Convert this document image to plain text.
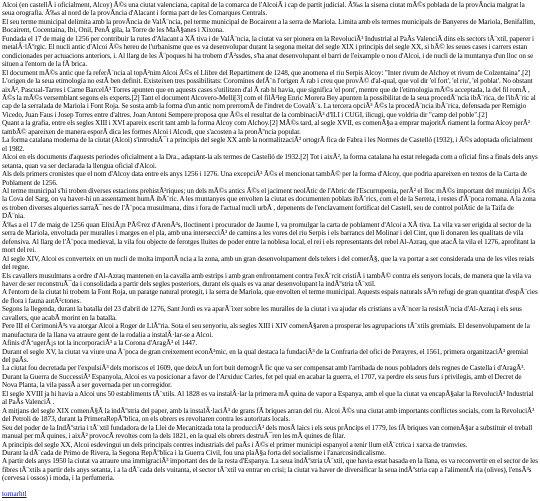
Alcoi (en castellÃ i oficialment, Alcoy) Ã©s una ciutat valenciana, capital de la comarca de l'AlcoiÃ i cap de partit judicial. Ã‰s la sisena ciutat mÃ©s poblada de la provÃncia malgrat la seua orografia. Ã‰s al nord de la provÃncia d'Alacant i forma part de les Comarques Centrals.

El seu terme municipal delimita amb la provÃncia de ValÃ¨ncia, pel terme municipal de Bocairent a la serra de Mariola. Limita amb els termes municipals de Banyeres de Mariola, Benifallim, Bocairent, Cocentaina, Ibi, Onil, PenÃ gila, la Torre de les MaÃ§anes i Xixona.

Fundada el 17 de maig de 1256 per contribuir la rutes d'Alacant a XÃ tiva i de ValÃ¨ncia, la ciutat va ser pionera en la RevoluciÃ³ Industrial al PaÃs ValenciÃ dins els sectors tÃ¨xtil, paperer i metalÂ·lÃºrgic. El nucli antic d'Alcoi Ã©s hereu de l'urbanisme que es va desenvolupar durant la segona meitat del segle XIX i principis del segle XX, si bÃ© les seues cases i carrers estan condicionades per actuacions anteriors, i. Al llarg de les Ã¨poques hi ha trobem d'Ã²ssdes, s'ha anat desenvolupant el barri de l'eixample o nou d'Alcoi, i de nucli de la muntanya d'un lloc on se situen a l'entorn de la fÃ brica.

El document mÃ©s antic que fa referÃ¨ncia al topÃ²nim Alcoi Ã©s el Llibre del Repartiment de 1248, que anomena el riu Serpis Alcoy: "Inter rivum de Alchoy et rivum de Colzentaina".[2] L'origen de la seua etimologia no estÃ ben definit. Existeixen tres possibilitats: Coromines defÃ¨n l'origen Ã rab i creu que provÃ© d'al-qual, que vol dir 'el fort', 'el riu', 'el poblat'. No obstant aixÃ², Pascual-Tarres i Carne BarcelÃ³ Torres apunten que en aquests cases s'utilitzen d'al Ã rab hi havia, que significa 'el pont', mentre que de l'etimologia mÃ©s acceptada, la del fil romÃ , Ã©s la mÃ©s versemblant segons els experts.[2] Tant el document Alcovero-Melli[3] com el filÃ²leg Enric Morera Bey apunten la possibilitat de la seua procedÃ¨ncia ibÃ¨rica, de l'ibÃ¨ric al cap de la serralada de Mariola i Font Roja. Se sosta amb la forma d'un antic nom prerromÃ de l'indret de CovalÃ¨s. La tercera opciÃ³ Ã©s la procedÃ¨ncia ibÃ¨rica, defensada per Remigio Vicedo, Juan Faus i Josep Torres entre d'altres. Joan Antoni Sempere proposa que Ã©s el resultat de la combinaciÃ³ d'ILI i CUGI, ilicugi, que voldria dir "camp del poble".[2]

Quant a la grafia, entre els segles XIII i XVI apareix escrit tant amb la forma Alcoy com Alchoy.[2] MÃ©s tard, al segle XVII, es comenÃ§a a emprar majoritÃ riament la forma Alcoy perÃ² tambÃ© apareixen de manera esporÃ dica les formes Alcoi i Alcodi, que s'acosten a la pronÃºncia popular.

La forma catalana moderna de la ciutat (Alcoi) s'introduÃ¯t a principis del segle XX amb la normalitzaciÃ³ ortogrÃ fica de Fabra i les Normes de Castelló (1932), i Ã©s adoptada oficialment el 1982.

Alcoi en els documents d'aquests periodes oficialment a la Dra., adaptant-la als termes de Castelló de 1932.[2] Tot i aixÃ², la forma catalana ha estat relegada com a oficial fins a finals dels anys setanta, quan va ser declarada la llengua oficial d'Alcoi.

Als dels primers cronistes que el nom d'Alcoy data entre els anys 1256 i 1276. Una excepciÃ³ Ã©s el mencionat tambÃ© per la forma d'Alcoy, que podria apareixen en textos de la Carta de Poblament de 1256.

Al terme municipal s'hi troben diverses estacions prehistÃ²riques; un dels mÃ©s antics Ã©s el jaciment neolÃtic de l'Abric de l'Escurrupenia, perÃ² el lloc mÃ©s important del municipi Ã©s la Cova del Sarg, on va haver-hi un assentament humÃ ibÃ¨ric. A les muntanyes que envolten la ciutat es documenten poblats ibÃ¨rics, com el de la Serreta, i restes d'Ã¨poca romana. A la zona es troben diverses alqueries sarraÃ¯nes de l'Ã¨poca musulmana, dins i fora de l'actual nucli urbÃ , depenents de l'enclavament fortificat del Castell, seu de control polÃtic de la Taifa de DÃ¨nia.

Ã‰s a el 17 de maig de 1256 quan ElixiÃ¡n PÃ©rez d'ArenÃ³s, lloctinent i procurador de Jaume I, va promulgar la carta de poblament d'Alcoi a XÃ tiva. La vila va ser erigida al sector de la serra de Mariola, envoltada per muralles i marges en el pla, amb una intersecciÃ³ de camins a les vores del riu Serpis i els barrancs del Molinar i del Cint, que li donaren les qualitats de vila defensiva. Al llarg de l'Ã¨poca medieval, la vila fou objecte de ferotges lluites de poder entre la noblesa local, el rei i els representants del rebel Al-Azraq, que atacÃ la vila el 1276, aprofitant la mort del rei.

Al segle XIV, Alcoi es converteix en un nucli de molta importÃ ncia a la zona, amb un gran desenvolupament dels telers i del comerÃ§, que la va portar a ser considerada una de les viles reials del regne.

Els cavallers musulmans a ordre d'Al-Azraq mantenen en la cavalla amb estrips i amb gran enfrontament contra l'exÃ¨rcit cristiÃ i tambÃ© contra els senyors locals, de manera que la vila va haver de ser reconstruÃ¯da i consolidada a partir dels segles posteriors, durant els quals es va anar desenvolupant la indÃºstria tÃ¨xtil.

A l'entorn de la ciutat hi trobem la Font Roja, un paratge natural protegit, i la serra de Mariola, que envolten el terme municipal. Aquests espais naturals sÃ³n refugi de gran quantitat d'espÃ¨cies de flora i fauna autÃ²ctones.

Segons la llegenda, durant la batalla del 23 d'abril de 1276, Sant Jordi es va aparÃ¨ixer sobre les muralles de la ciutat i va ajudar els cristians a vÃ¨ncer la resistÃ¨ncia d'Al-Azraq i els seus cavallers, que acabÃ morint en la batalla.

Pere III el CerimoniÃ³s va atorgar Alcoi a Roger de LlÃºria. Sota el seu senyoriu, als segles XIII i XIV comenÃ§aren a prosperar les agrupacions tÃ¨xtils gremials. El desenvolupament de la manufactura de la llana va atraure gent de la rodalia a instalÂ·lar-se a Alcoi.

Afinis d'Ã‘ugerÃ¡s tot la incorporaciÃ³ a la Corona d'AragÃ³ el 1447.

Durant el segle XV, la ciutat va viure una Ã¨poca de gran creixement econÃ²mic, en la qual destaca la fundaciÃ³ de la Confraria del ofici de Perayres, el 1561, primera organitzaciÃ³ gremial del paÃs.

La ciutat fou decretada per l'expulsiÃ³ dels moriscos el 1609, que deixÃ un fort buit demogrÃ fic que va ser compensat amb l'arribada de nous pobladors dels regnes de Castella i d'AragÃ³.

Durant la Guerra de SuccessiÃ³ Espanyola, Alcoi es va posicionar a favor de l'Arxiduc Carles, fet pel qual en acabar la guerra, el 1707, va perdre els seus furs i privilegis, amb el Decret de Nova Planta, la vila passÃ a ser governada per un corregidor.

El segle XVIII ja hi havia a Alcoi uns 50 establiments tÃ¨xtils. Al 1828 es va instalÂ·lar la primera mÃ quina de vapor a Espanya, amb el que la ciutat va encapÃ§alar la RevoluciÃ³ Industrial al PaÃs ValenciÃ .

A mitjans del segle XIX comenÃ§Ã la indÃºstria del paper, amb la instalÂ·laciÃ³ de grans fÃ briques arran del riu. Alcoi Ã©s una ciutat amb importants conflictes socials, com la RevoluciÃ³ del Petroli de 1873, durant la PrimeraRepÃºblica, on els obrers es revoltaren contra les autoritats locals.

Seu del poder de la IndÃºstria i tÃ¨xtil fundadora de la Llei de Mecanitzada tota la producciÃ³ dels mosÃ laics i els seus prÃncips el 1779, les fÃ briques van comenÃ§ar a substituir el treball manual per mÃ quines, i aixÃ² provocÃ revoltes com la dels 1821, en la qual els obrers destruÃ¯ren les mÃ quines de filar.

A principis del segle XX, Alcoi esdevingui un dels principals centres industrials del paÃs i Ã©s el primer municipi espanyol a tenir llum elÃ¨ctrica i xarxa de tramvies.

Durant la dÃ¨cada de Primo de Rivera, la Segona RepÃºblica i la Guerra Civil, fou una plaÃ§a forta del socialisme i l'anarcosindicalisme.

A partir dels anys 1950 la ciutat va atraure una immigraciÃ³ important des de la resta d'Espanya. La seua indÃºstria tÃ¨xtil, que havia estat basada en la llana, es va reconvertir en el sector de les fibres tÃ¨xtils a partir dels anys setanta, i a la dÃ¨cada dels vuitanta, el sector tÃ¨xtil va entrar en crisi; la ciutat va haver de diversificar la seua indÃºstria cap a l'alimentÃ ria (olives), l'ensÃ³s (cervesa i ossos) i moda, i la perfumeria.

tornarhtl
